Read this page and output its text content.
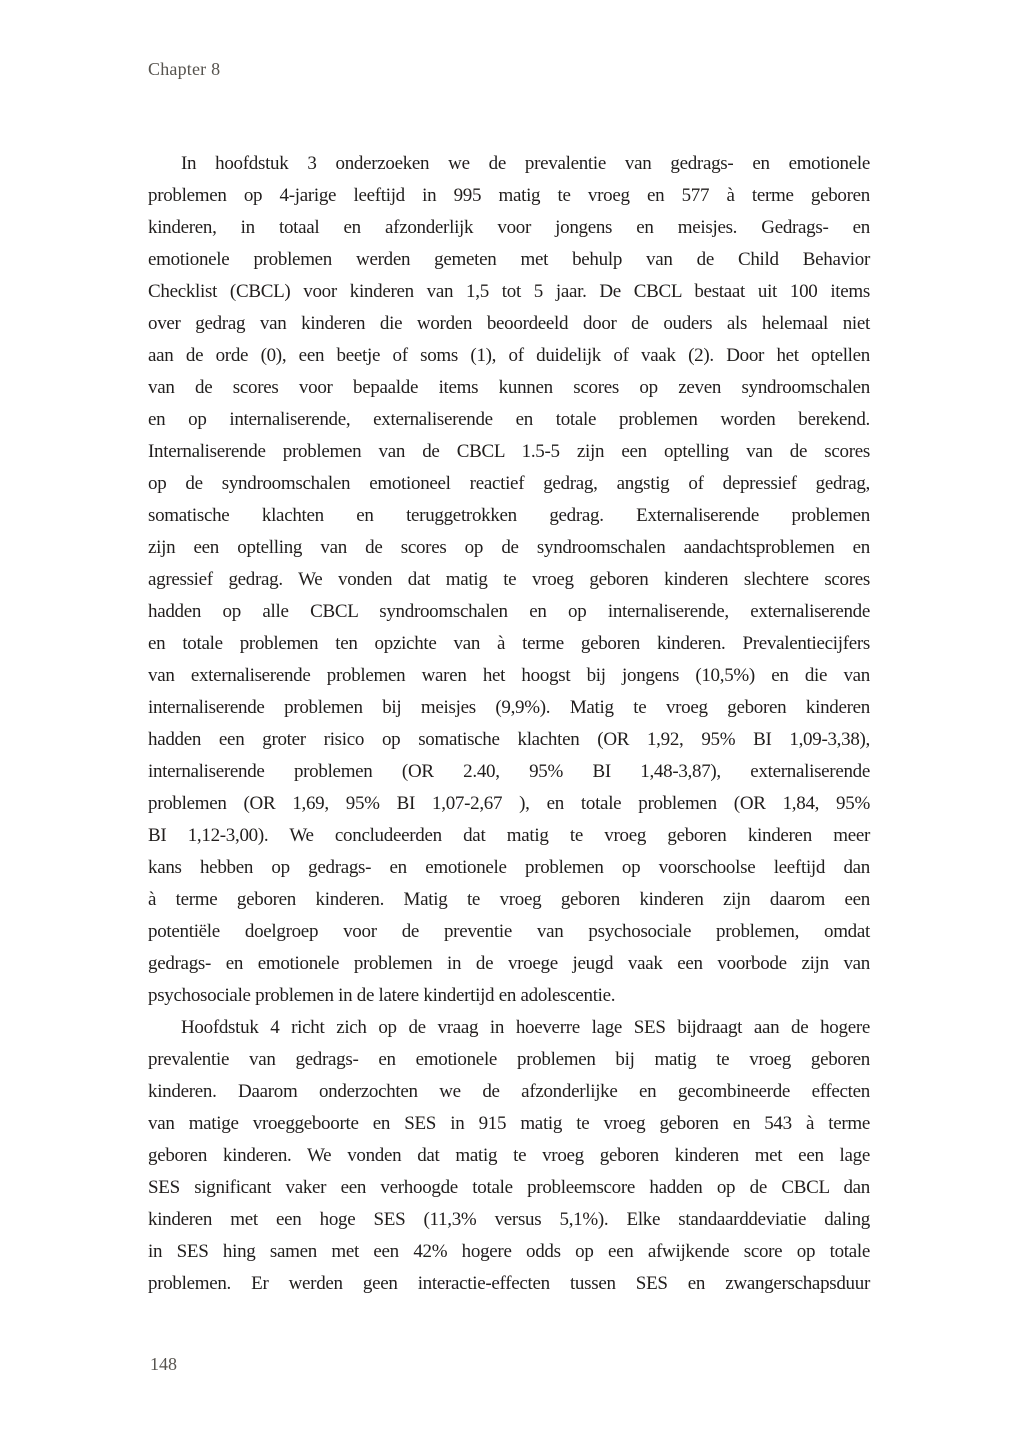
Chapter 8
In hoofdstuk 3 onderzoeken we de prevalentie van gedrags- en emotionele
problemen op 4-jarige leeftijd in 995 matig te vroeg en 577 à terme geboren
kinderen, in totaal en afzonderlijk voor jongens en meisjes. Gedrags- en
emotionele problemen werden gemeten met behulp van de Child Behavior
Checklist (CBCL) voor kinderen van 1,5 tot 5 jaar. De CBCL bestaat uit 100 items
over gedrag van kinderen die worden beoordeeld door de ouders als helemaal niet
aan de orde (0), een beetje of soms (1), of duidelijk of vaak (2). Door het optellen
van de scores voor bepaalde items kunnen scores op zeven syndroomschalen
en op internaliserende, externaliserende en totale problemen worden berekend.
Internaliserende problemen van de CBCL 1.5-5 zijn een optelling van de scores
op de syndroomschalen emotioneel reactief gedrag, angstig of depressief gedrag,
somatische klachten en teruggetrokken gedrag. Externaliserende problemen
zijn een optelling van de scores op de syndroomschalen aandachtsproblemen en
agressief gedrag. We vonden dat matig te vroeg geboren kinderen slechtere scores
hadden op alle CBCL syndroomschalen en op internaliserende, externaliserende
en totale problemen ten opzichte van à terme geboren kinderen. Prevalentiecijfers
van externaliserende problemen waren het hoogst bij jongens (10,5%) en die van
internaliserende problemen bij meisjes (9,9%). Matig te vroeg geboren kinderen
hadden een groter risico op somatische klachten (OR 1,92, 95% BI 1,09-3,38),
internaliserende problemen (OR 2.40, 95% BI 1,48-3,87), externaliserende
problemen (OR 1,69, 95% BI 1,07-2,67 ), en totale problemen (OR 1,84, 95%
BI 1,12-3,00). We concludeerden dat matig te vroeg geboren kinderen meer
kans hebben op gedrags- en emotionele problemen op voorschoolse leeftijd dan
à terme geboren kinderen. Matig te vroeg geboren kinderen zijn daarom een
potentiële doelgroep voor de preventie van psychosociale problemen, omdat
gedrags- en emotionele problemen in de vroege jeugd vaak een voorbode zijn van
psychosociale problemen in de latere kindertijd en adolescentie.
Hoofdstuk 4 richt zich op de vraag in hoeverre lage SES bijdraagt aan de hogere
prevalentie van gedrags- en emotionele problemen bij matig te vroeg geboren
kinderen. Daarom onderzochten we de afzonderlijke en gecombineerde effecten
van matige vroeggeboorte en SES in 915 matig te vroeg geboren en 543 à terme
geboren kinderen. We vonden dat matig te vroeg geboren kinderen met een lage
SES significant vaker een verhoogde totale probleemscore hadden op de CBCL dan
kinderen met een hoge SES (11,3% versus 5,1%). Elke standaarddeviatie daling
in SES hing samen met een 42% hogere odds op een afwijkende score op totale
problemen. Er werden geen interactie-effecten tussen SES en zwangerschapsduur
148
